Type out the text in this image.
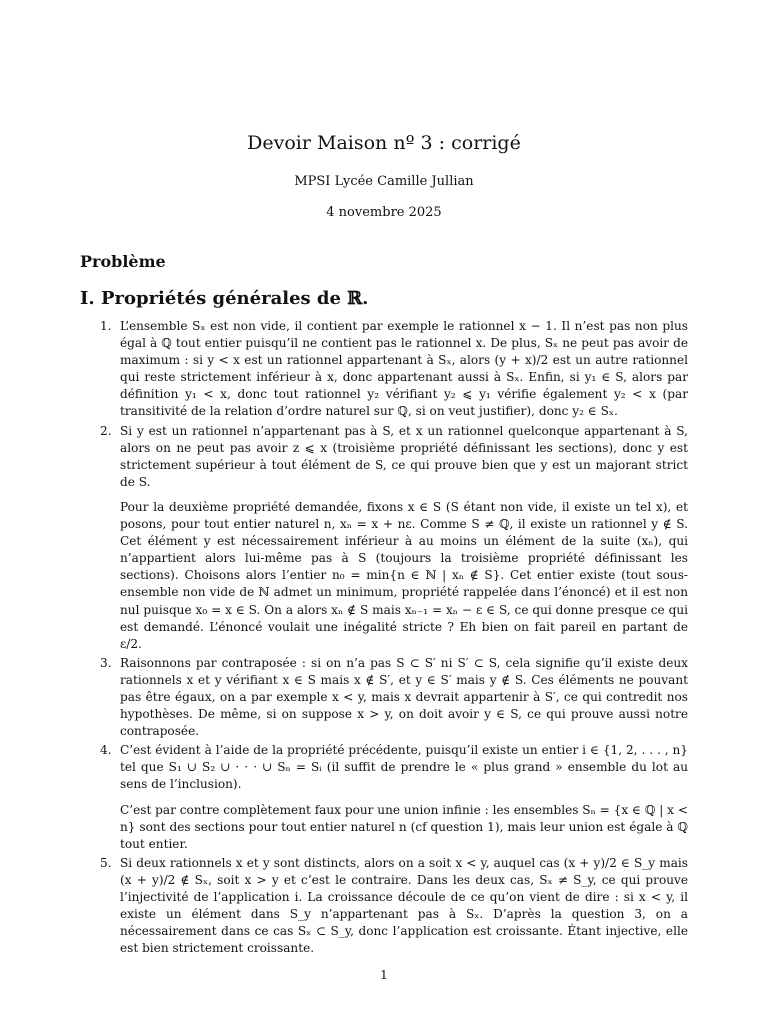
Devoir Maison nº 3 : corrigé
MPSI Lycée Camille Jullian
4 novembre 2025
Problème
I. Propriétés générales de ℝ.
1. L’ensemble Sₓ est non vide, il contient par exemple le rationnel x − 1. Il n’est pas non plus égal à ℚ tout entier puisqu’il ne contient pas le rationnel x. De plus, Sₓ ne peut pas avoir de maximum : si y < x est un rationnel appartenant à Sₓ, alors (y + x)/2 est un autre rationnel qui reste strictement inférieur à x, donc appartenant aussi à Sₓ. Enfin, si y₁ ∈ S, alors par définition y₁ < x, donc tout rationnel y₂ vérifiant y₂ ⩽ y₁ vérifie également y₂ < x (par transitivité de la relation d’ordre naturel sur ℚ, si on veut justifier), donc y₂ ∈ Sₓ.

2. Si y est un rationnel n’appartenant pas à S, et x un rationnel quelconque appartenant à S, alors on ne peut pas avoir z ⩽ x (troisième propriété définissant les sections), donc y est strictement supérieur à tout élément de S, ce qui prouve bien que y est un majorant strict de S.

Pour la deuxième propriété demandée, fixons x ∈ S (S étant non vide, il existe un tel x), et posons, pour tout entier naturel n, xₙ = x + nε. Comme S ≠ ℚ, il existe un rationnel y ∉ S. Cet élément y est nécessairement inférieur à au moins un élément de la suite (xₙ), qui n’appartient alors lui-même pas à S (toujours la troisième propriété définissant les sections). Choisons alors l’entier n₀ = min{n ∈ ℕ | xₙ ∉ S}. Cet entier existe (tout sous-ensemble non vide de ℕ admet un minimum, propriété rappelée dans l’énoncé) et il est non nul puisque x₀ = x ∈ S. On a alors xₙ ∉ S mais xₙ₋₁ = xₙ − ε ∈ S, ce qui donne presque ce qui est demandé. L’énoncé voulait une inégalité stricte ? Eh bien on fait pareil en partant de ε/2.

3. Raisonnons par contraposée : si on n’a pas S ⊂ S′ ni S′ ⊂ S, cela signifie qu’il existe deux rationnels x et y vérifiant x ∈ S mais x ∉ S′, et y ∈ S′ mais y ∉ S. Ces éléments ne pouvant pas être égaux, on a par exemple x < y, mais x devrait appartenir à S′, ce qui contredit nos hypothèses. De même, si on suppose x > y, on doit avoir y ∈ S, ce qui prouve aussi notre contraposée.

4. C’est évident à l’aide de la propriété précédente, puisqu’il existe un entier i ∈ {1, 2, . . . , n} tel que S₁ ∪ S₂ ∪ · · · ∪ Sₙ = Sᵢ (il suffit de prendre le « plus grand » ensemble du lot au sens de l’inclusion).

C’est par contre complètement faux pour une union infinie : les ensembles Sₙ = {x ∈ ℚ | x < n} sont des sections pour tout entier naturel n (cf question 1), mais leur union est égale à ℚ tout entier.

5. Si deux rationnels x et y sont distincts, alors on a soit x < y, auquel cas (x + y)/2 ∈ S_y mais (x + y)/2 ∉ Sₓ, soit x > y et c’est le contraire. Dans les deux cas, Sₓ ≠ S_y, ce qui prouve l’injectivité de l’application i. La croissance découle de ce qu’on vient de dire : si x < y, il existe un élément dans S_y n’appartenant pas à Sₓ. D’après la question 3, on a nécessairement dans ce cas Sₓ ⊂ S_y, donc l’application est croissante. Étant injective, elle est bien strictement croissante.

1
